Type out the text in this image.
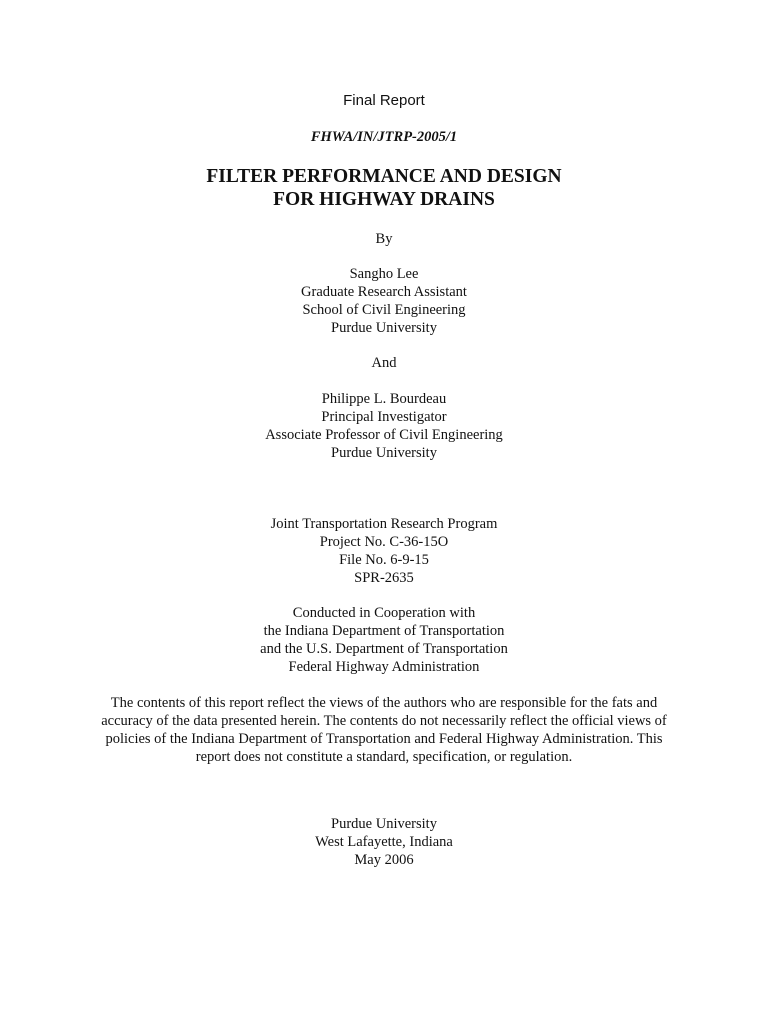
Final Report
FHWA/IN/JTRP-2005/1
FILTER PERFORMANCE AND DESIGN
FOR HIGHWAY DRAINS
By
Sangho Lee
Graduate Research Assistant
School of Civil Engineering
Purdue University
And
Philippe L. Bourdeau
Principal Investigator
Associate Professor of Civil Engineering
Purdue University
Joint Transportation Research Program
Project No. C-36-15O
File No. 6-9-15
SPR-2635
Conducted in Cooperation with
the Indiana Department of Transportation
and the U.S. Department of Transportation
Federal Highway Administration
The contents of this report reflect the views of the authors who are responsible for the fats and accuracy of the data presented herein. The contents do not necessarily reflect the official views of policies of the Indiana Department of Transportation and Federal Highway Administration. This report does not constitute a standard, specification, or regulation.
Purdue University
West Lafayette, Indiana
May 2006
